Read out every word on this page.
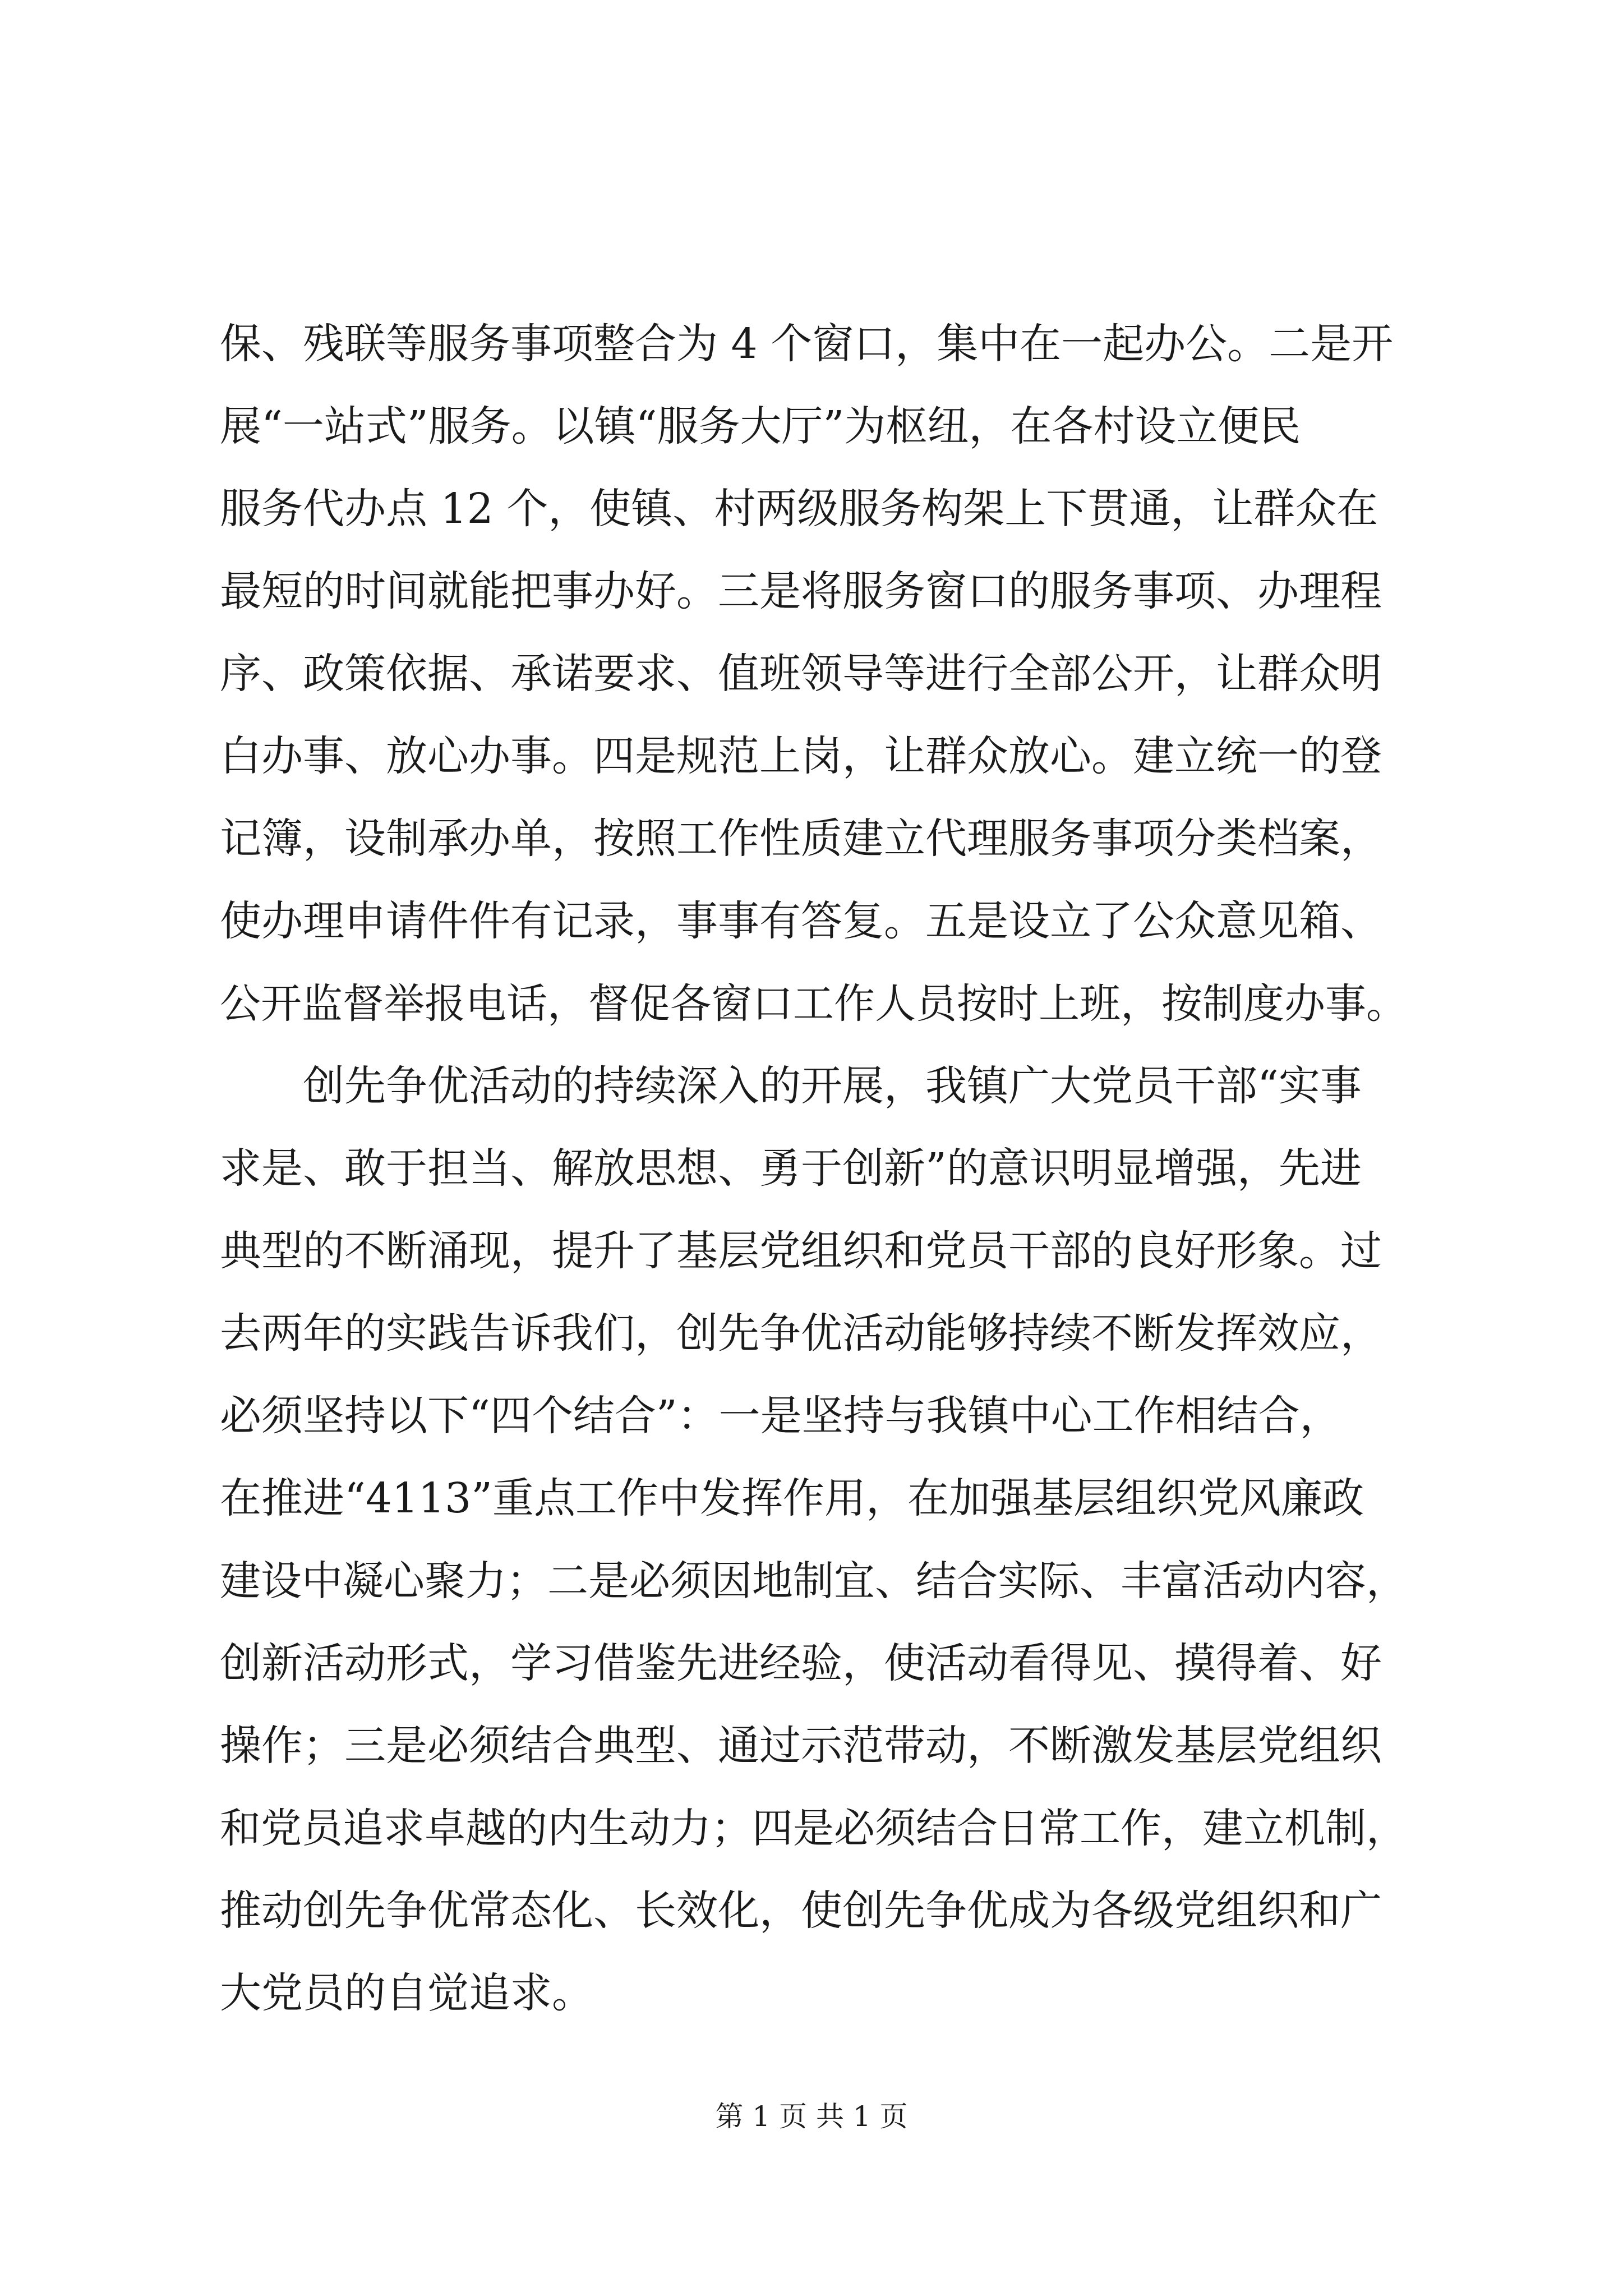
保、残联等服务事项整合为 4 个窗口，集中在一起办公。二是开
展“一站式”服务。以镇“服务大厅”为枢纽，在各村设立便民
服务代办点 12 个，使镇、村两级服务构架上下贯通，让群众在
最短的时间就能把事办好。三是将服务窗口的服务事项、办理程
序、政策依据、承诺要求、值班领导等进行全部公开，让群众明
白办事、放心办事。四是规范上岗，让群众放心。建立统一的登
记簿，设制承办单，按照工作性质建立代理服务事项分类档案，
使办理申请件件有记录，事事有答复。五是设立了公众意见箱、
公开监督举报电话，督促各窗口工作人员按时上班，按制度办事。
创先争优活动的持续深入的开展，我镇广大党员干部“实事
求是、敢于担当、解放思想、勇于创新”的意识明显增强，先进
典型的不断涌现，提升了基层党组织和党员干部的良好形象。过
去两年的实践告诉我们，创先争优活动能够持续不断发挥效应，
必须坚持以下“四个结合”：一是坚持与我镇中心工作相结合，
在推进“4113”重点工作中发挥作用，在加强基层组织党风廉政
建设中凝心聚力；二是必须因地制宜、结合实际、丰富活动内容，
创新活动形式，学习借鉴先进经验，使活动看得见、摸得着、好
操作；三是必须结合典型、通过示范带动，不断激发基层党组织
和党员追求卓越的内生动力；四是必须结合日常工作，建立机制，
推动创先争优常态化、长效化，使创先争优成为各级党组织和广
大党员的自觉追求。
第 1 页 共 1 页
